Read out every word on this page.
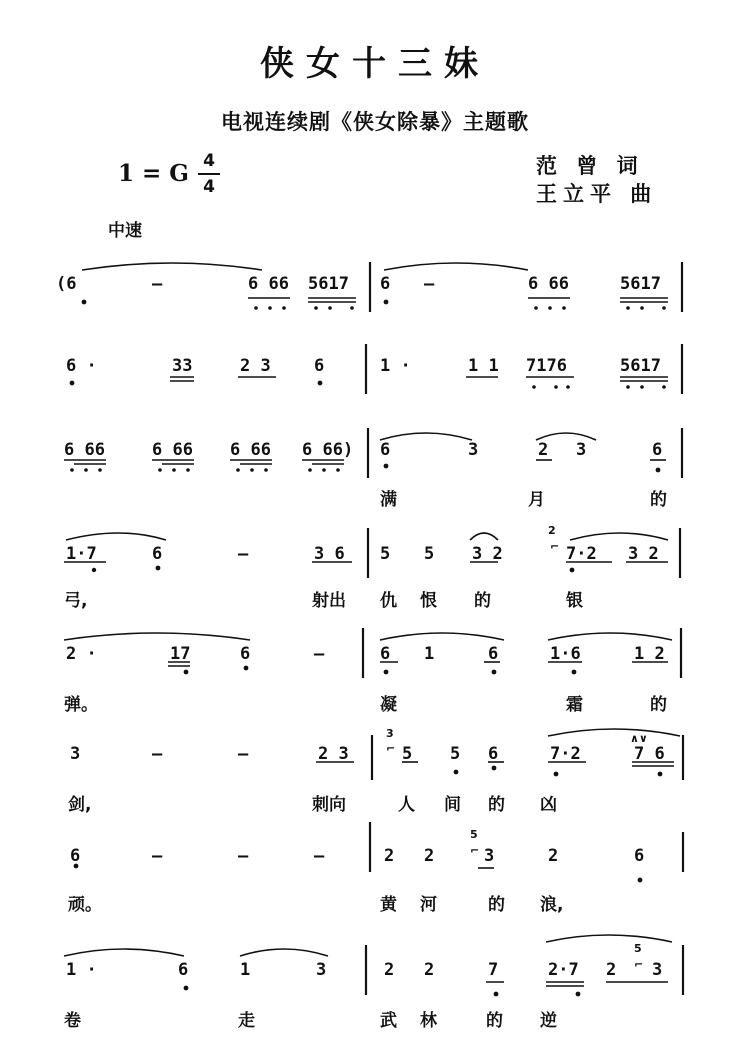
侠女十三妹
电视连续剧《侠女除暴》主题歌
1 = G 4
4
范 曾 词
王立平 曲
中速
(6	—	6 66 5617 6 —	6 66	5617
6 ·	33	2 3	6	1 ·	1 1 7176	5617
6 66	6 66 6 66 6 66) 6	3	2 3	6
满	月	的
1·7	6	—	3 6 5 5 3 2
2
⌐ 7·2 3 2
弓,	射出 仇 恨 的	银
2 ·	17	6	—	6 1	6	1·6	1 2
弹。	凝	霜	的
3	—	—	2 3
3
⌐ 5 5 6	7·2
∧∨
7 6
剑,	刺向	人 间 的 凶
6	—	—	—	2 2
5
⌐ 3	2	6
顽。	黄 河	的 浪,
1 ·	6	1	3	2 2	7	2·7 2
5
⌐ 3
卷	走	武 林	的 逆
